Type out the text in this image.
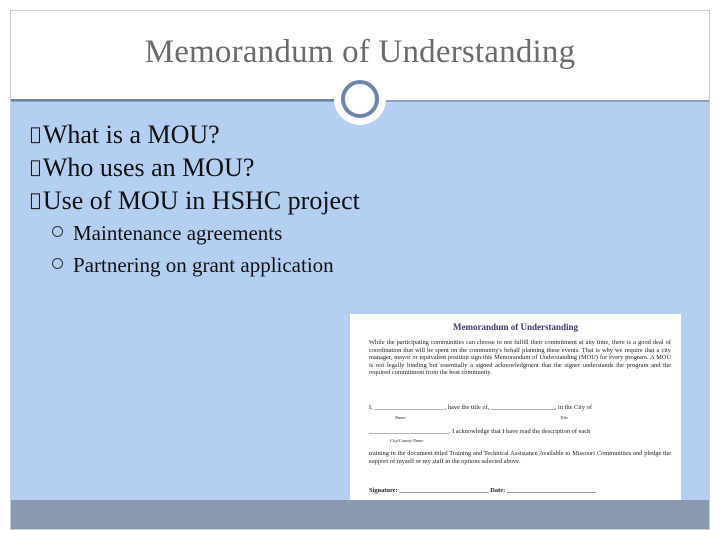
Memorandum of Understanding
What is a MOU?
Who uses an MOU?
Use of MOU in HSHC project
Maintenance agreements
Partnering on grant application
Memorandum of Understanding
While the participating communities can choose to not fulfill their commitment at any time, there is a good deal of coordination that will be spent on the community's behalf planning these events. That is why we require that a city manager, mayor or equivalent position sign this Memorandum of Understanding (MOU) for every program. A MOU is not legally binding but essentially a signed acknowledgment that the signer understands the program and the required commitment from the host community.
I, ______________________, have the title of, ____________________, in the City of
Name	Title
_________________________. I acknowledge that I have read the description of each
City/County Name
training in the document titled Training and Technical Assistance Available to Missouri Communities and pledge the support of myself or my staff in the options selected above.
Signature: ____________________________ Date: ____________________________
